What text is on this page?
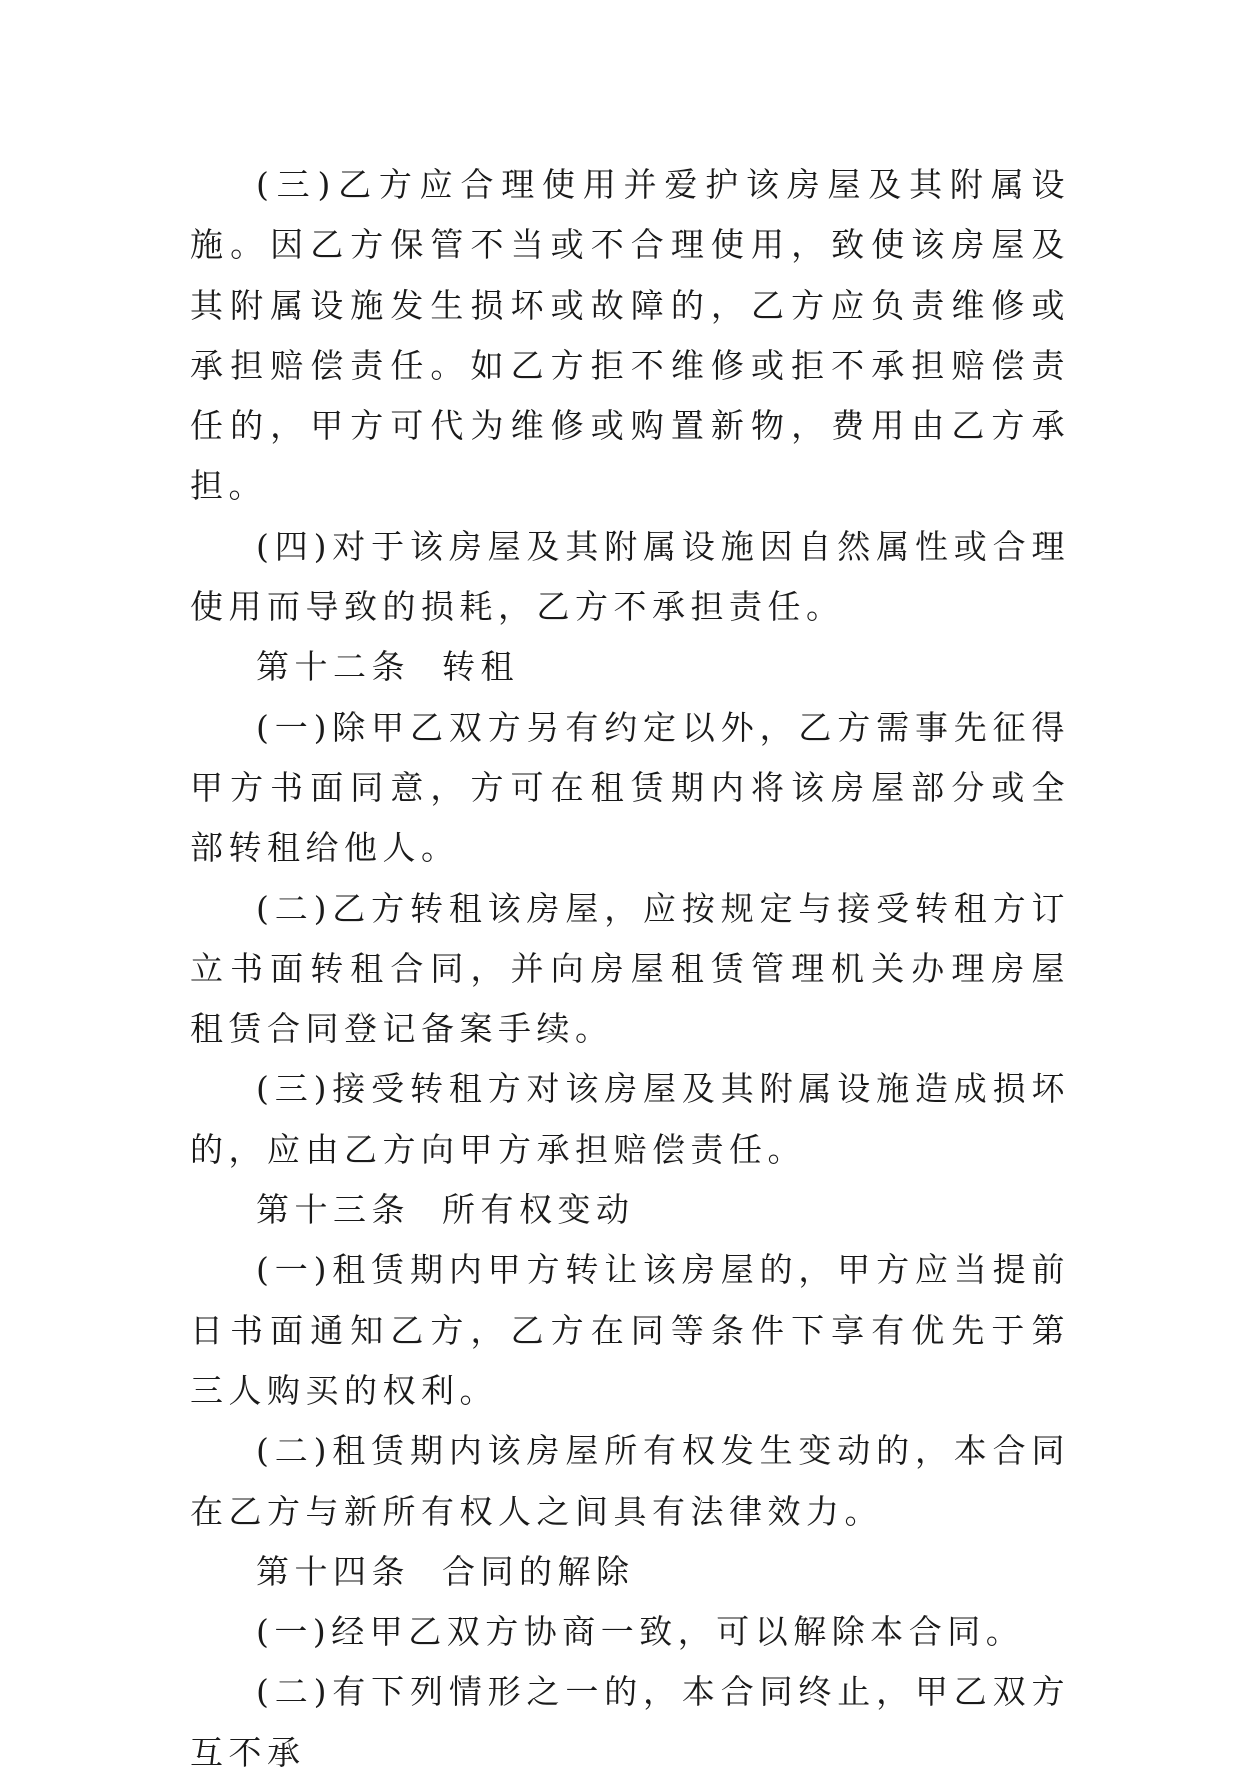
(三)乙方应合理使用并爱护该房屋及其附属设施。因乙方保管不当或不合理使用，致使该房屋及其附属设施发生损坏或故障的，乙方应负责维修或承担赔偿责任。如乙方拒不维修或拒不承担赔偿责任的，甲方可代为维修或购置新物，费用由乙方承担。

(四)对于该房屋及其附属设施因自然属性或合理使用而导致的损耗，乙方不承担责任。

第十二条  转租

(一)除甲乙双方另有约定以外，乙方需事先征得甲方书面同意，方可在租赁期内将该房屋部分或全部转租给他人。

(二)乙方转租该房屋，应按规定与接受转租方订立书面转租合同，并向房屋租赁管理机关办理房屋租赁合同登记备案手续。

(三)接受转租方对该房屋及其附属设施造成损坏的，应由乙方向甲方承担赔偿责任。

第十三条  所有权变动

(一)租赁期内甲方转让该房屋的，甲方应当提前  日书面通知乙方，乙方在同等条件下享有优先于第三人购买的权利。

(二)租赁期内该房屋所有权发生变动的，本合同在乙方与新所有权人之间具有法律效力。

第十四条  合同的解除

(一)经甲乙双方协商一致，可以解除本合同。

(二)有下列情形之一的，本合同终止，甲乙双方互不承
